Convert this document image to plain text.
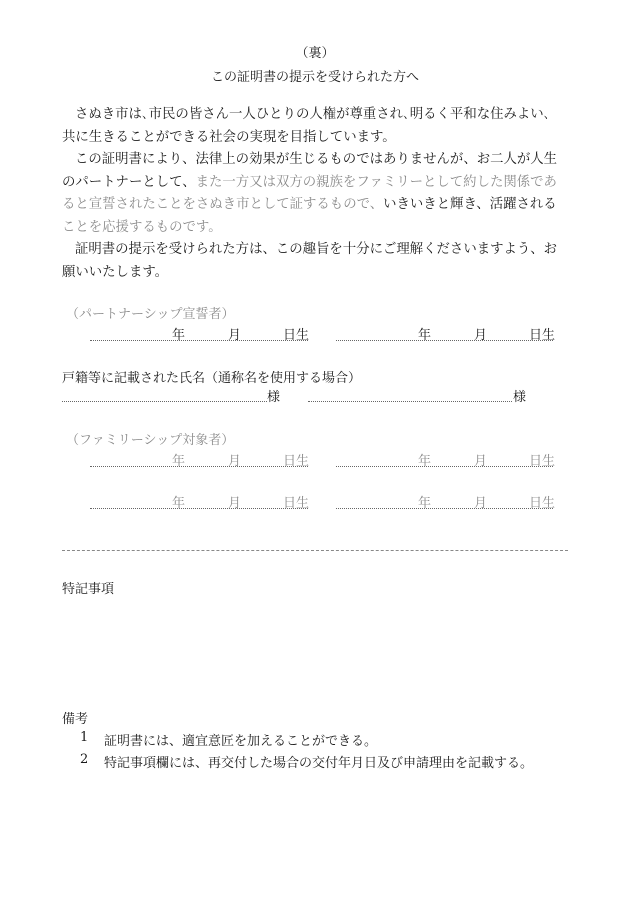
（裏）
この証明書の提示を受けられた方へ

さぬき市は､市民の皆さん一人ひとりの人権が尊重され､明るく平和な住みよい､

共に生きることができる社会の実現を目指しています。

この証明書により、法律上の効果が生じるものではありませんが、お二人が人生

のパートナーとして、また一方又は双方の親族をファミリーとして約した関係であ

ると宣誓されたことをさぬき市として証するもので、いきいきと輝き、活躍される

ことを応援するものです。

証明書の提示を受けられた方は、この趣旨を十分にご理解くださいますよう、お

願いいたします。

（パートナーシップ宣誓者）
年	月	日生	年	月	日生
戸籍等に記載された氏名（通称名を使用する場合）
様	様
（ファミリーシップ対象者）
年	月	日生	年	月	日生
年	月	日生	年	月	日生
特記事項
備考
1 証明書には、適宜意匠を加えることができる。
2 特記事項欄には、再交付した場合の交付年月日及び申請理由を記載する。
